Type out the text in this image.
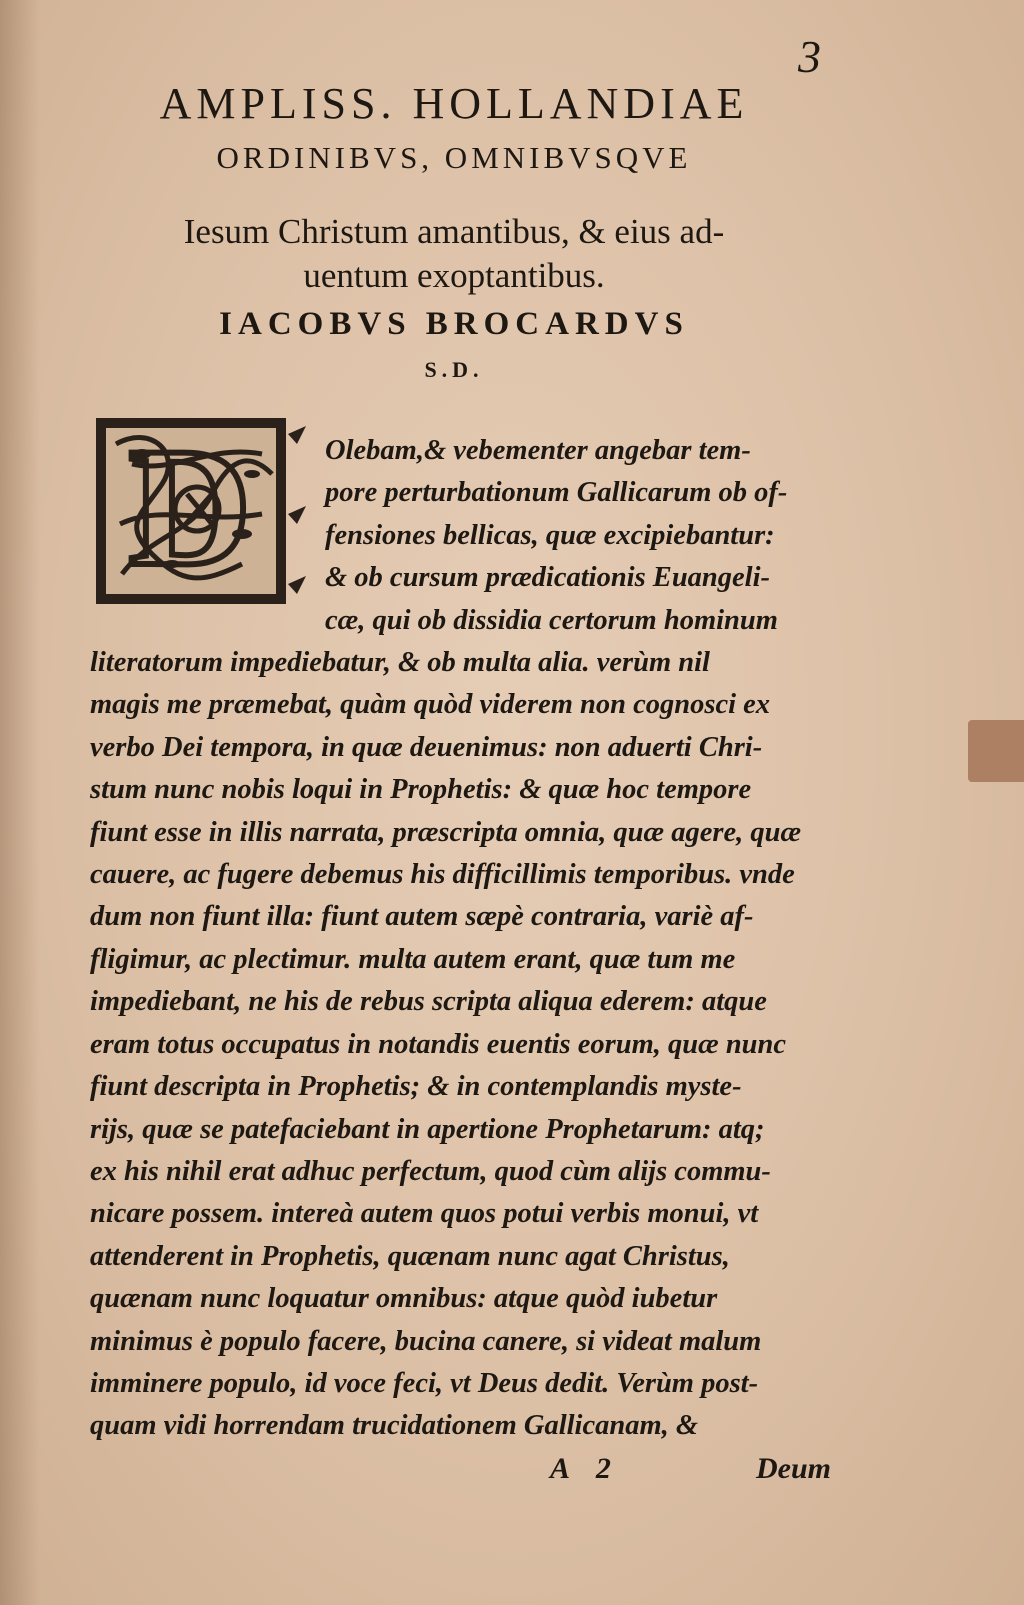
3
AMPLISS. HOLLANDIAE
ORDINIBVS, OMNIBVSQVE
Iesum Christum amantibus, & eius ad-
uentum exoptantibus.
IACOBVS BROCARDVS
S.D.
D	Olebam,& vebementer angebar tem-
pore perturbationum Gallicarum ob of-
fensiones bellicas, quæ excipiebantur:
& ob cursum prædicationis Euangeli-
cæ, qui ob dissidia certorum hominum
literatorum impediebatur, & ob multa alia. verùm nil
magis me præmebat, quàm quòd viderem non cognosci ex
verbo Dei tempora, in quæ deuenimus: non aduerti Chri-
stum nunc nobis loqui in Prophetis: & quæ hoc tempore
fiunt esse in illis narrata, præscripta omnia, quæ agere, quæ
cauere, ac fugere debemus his difficillimis temporibus. vnde
dum non fiunt illa: fiunt autem sæpè contraria, variè af-
fligimur, ac plectimur. multa autem erant, quæ tum me
impediebant, ne his de rebus scripta aliqua ederem: atque
eram totus occupatus in notandis euentis eorum, quæ nunc
fiunt descripta in Prophetis; & in contemplandis myste-
rijs, quæ se patefaciebant in apertione Prophetarum: atq;
ex his nihil erat adhuc perfectum, quod cùm alijs commu-
nicare possem. intereà autem quos potui verbis monui, vt
attenderent in Prophetis, quænam nunc agat Christus,
quænam nunc loquatur omnibus: atque quòd iubetur
minimus è populo facere, bucina canere, si videat malum
imminere populo, id voce feci, vt Deus dedit. Verùm post-
quam vidi horrendam trucidationem Gallicanam, &
A 2	Deum
